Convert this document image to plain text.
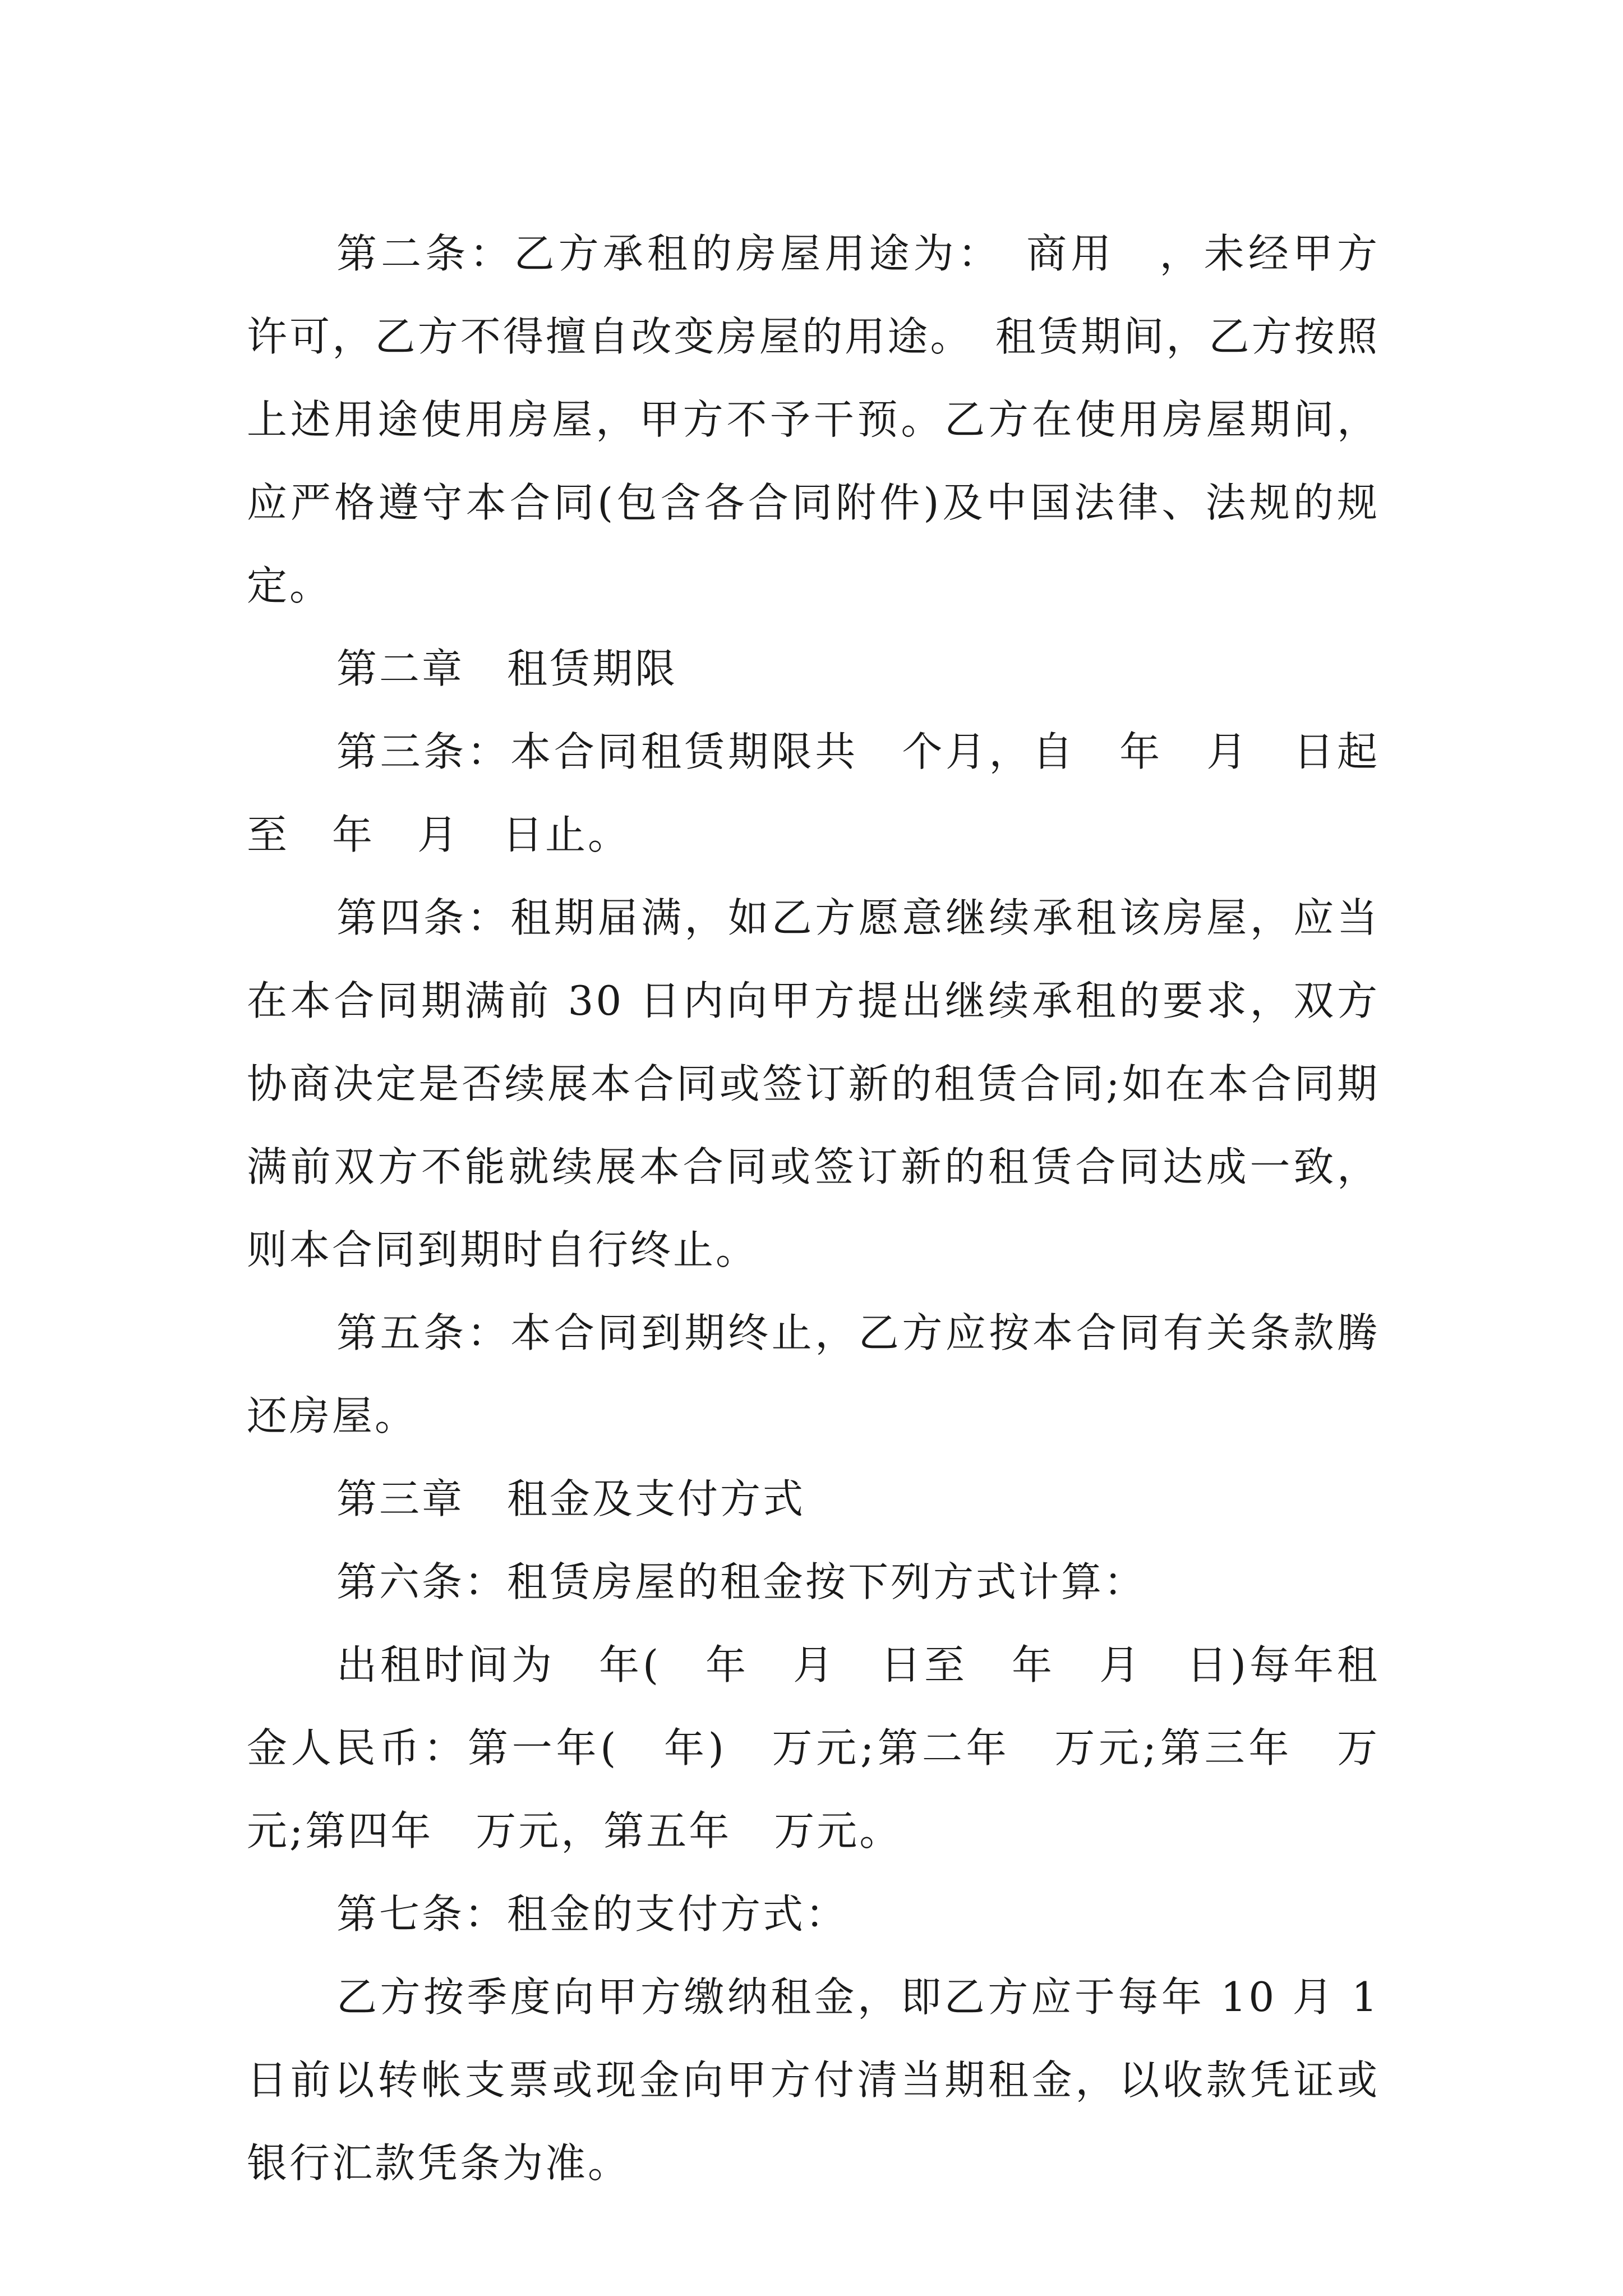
第二条：乙方承租的房屋用途为：　商用　，未经甲方许可，乙方不得擅自改变房屋的用途。　租赁期间，乙方按照上述用途使用房屋，甲方不予干预。乙方在使用房屋期间，应严格遵守本合同(包含各合同附件)及中国法律、法规的规定。

第二章　租赁期限

第三条：本合同租赁期限共　个月，自　年　月　日起至　年　月　日止。

第四条：租期届满，如乙方愿意继续承租该房屋，应当在本合同期满前 30 日内向甲方提出继续承租的要求，双方协商决定是否续展本合同或签订新的租赁合同;如在本合同期满前双方不能就续展本合同或签订新的租赁合同达成一致，则本合同到期时自行终止。

第五条：本合同到期终止，乙方应按本合同有关条款腾还房屋。

第三章　租金及支付方式

第六条：租赁房屋的租金按下列方式计算：

出租时间为　年(　年　月　日至　年　月　日)每年租金人民币：第一年(　年)　万元;第二年　万元;第三年　万元;第四年　万元，第五年　万元。

第七条：租金的支付方式：

乙方按季度向甲方缴纳租金，即乙方应于每年 10 月 1 日前以转帐支票或现金向甲方付清当期租金，以收款凭证或银行汇款凭条为准。
